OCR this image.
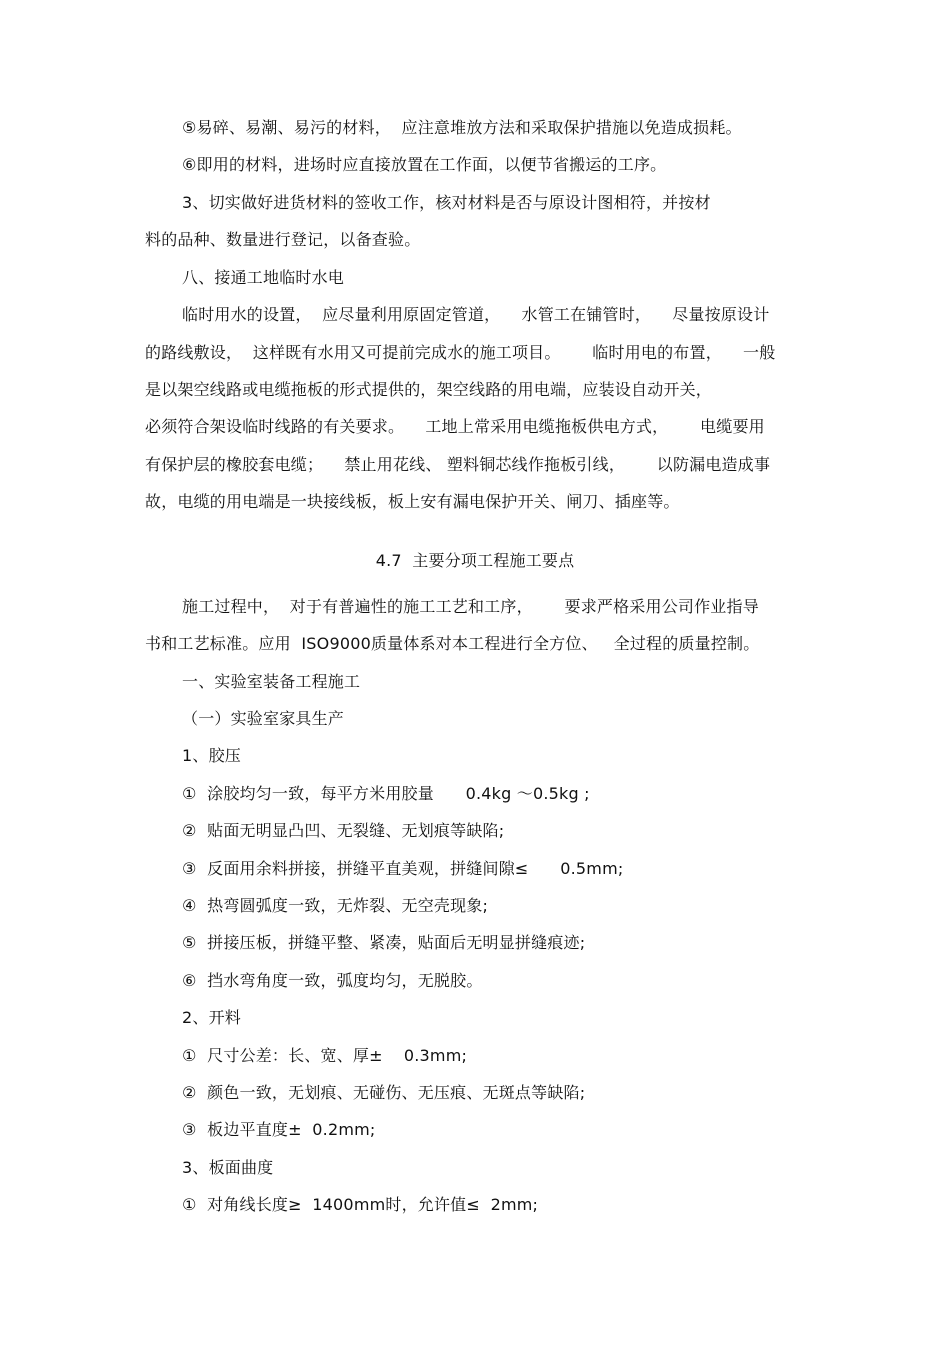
⑤易碎、易潮、易污的材料，  应注意堆放方法和采取保护措施以免造成损耗。
⑥即用的材料，进场时应直接放置在工作面，以便节省搬运的工序。
3、切实做好进货材料的签收工作，核对材料是否与原设计图相符，并按材
料的品种、数量进行登记，以备查验。
八、接通工地临时水电
临时用水的设置，  应尽量利用原固定管道，    水管工在铺管时，    尽量按原设计
的路线敷设，  这样既有水用又可提前完成水的施工项目。      临时用电的布置，    一般
是以架空线路或电缆拖板的形式提供的，架空线路的用电端，应装设自动开关，
必须符合架设临时线路的有关要求。    工地上常采用电缆拖板供电方式，      电缆要用
有保护层的橡胶套电缆；    禁止用花线、 塑料铜芯线作拖板引线，      以防漏电造成事
故，电缆的用电端是一块接线板，板上安有漏电保护开关、闸刀、插座等。
4.7  主要分项工程施工要点
施工过程中，  对于有普遍性的施工工艺和工序，      要求严格采用公司作业指导
书和工艺标准。应用  ISO9000质量体系对本工程进行全方位、   全过程的质量控制。
一、实验室装备工程施工
（一）实验室家具生产
1、胶压
①  涂胶均匀一致，每平方米用胶量      0.4kg ～0.5kg ;
②  贴面无明显凸凹、无裂缝、无划痕等缺陷;
③  反面用余料拼接，拼缝平直美观，拼缝间隙≤      0.5mm;
④  热弯圆弧度一致，无炸裂、无空壳现象;
⑤  拼接压板，拼缝平整、紧凑，贴面后无明显拼缝痕迹;
⑥  挡水弯角度一致，弧度均匀，无脱胶。
2、开料
①  尺寸公差：长、宽、厚±    0.3mm;
②  颜色一致，无划痕、无碰伤、无压痕、无斑点等缺陷;
③  板边平直度±  0.2mm;
3、板面曲度
①  对角线长度≥  1400mm时，允许值≤  2mm;
